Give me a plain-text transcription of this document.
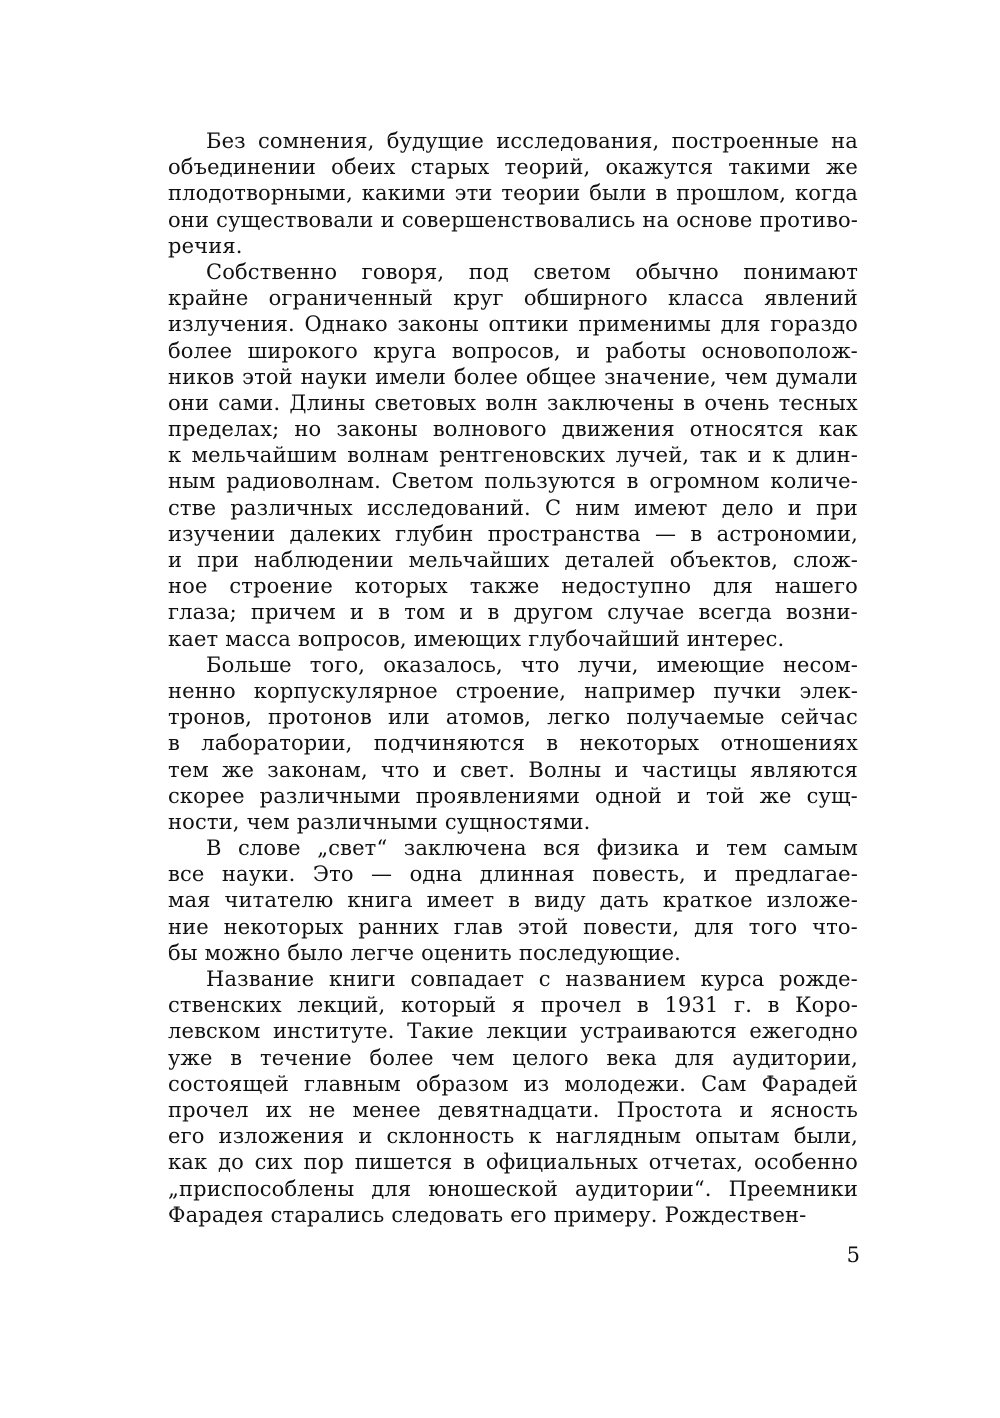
Без сомнения, будущие исследования, построенные на
объединении обеих старых теорий, окажутся такими же
плодотворными, какими эти теории были в прошлом, когда
они существовали и совершенствовались на основе противо-
речия.
Собственно говоря, под светом обычно понимают
крайне ограниченный круг обширного класса явлений
излучения. Однако законы оптики применимы для гораздо
более широкого круга вопросов, и работы основополож-
ников этой науки имели более общее значение, чем думали
они сами. Длины световых волн заключены в очень тесных
пределах; но законы волнового движения относятся как
к мельчайшим волнам рентгеновских лучей, так и к длин-
ным радиоволнам. Светом пользуются в огромном количе-
стве различных исследований. С ним имеют дело и при
изучении далеких глубин пространства — в астрономии,
и при наблюдении мельчайших деталей объектов, слож-
ное строение которых также недоступно для нашего
глаза; причем и в том и в другом случае всегда возни-
кает масса вопросов, имеющих глубочайший интерес.
Больше того, оказалось, что лучи, имеющие несом-
ненно корпускулярное строение, например пучки элек-
тронов, протонов или атомов, легко получаемые сейчас
в лаборатории, подчиняются в некоторых отношениях
тем же законам, что и свет. Волны и частицы являются
скорее различными проявлениями одной и той же сущ-
ности, чем различными сущностями.
В слове „свет“ заключена вся физика и тем самым
все науки. Это — одна длинная повесть, и предлагае-
мая читателю книга имеет в виду дать краткое изложе-
ние некоторых ранних глав этой повести, для того что-
бы можно было легче оценить последующие.
Название книги совпадает с названием курса рожде-
ственских лекций, который я прочел в 1931 г. в Коро-
левском институте. Такие лекции устраиваются ежегодно
уже в течение более чем целого века для аудитории,
состоящей главным образом из молодежи. Сам Фарадей
прочел их не менее девятнадцати. Простота и ясность
его изложения и склонность к наглядным опытам были,
как до сих пор пишется в официальных отчетах, особенно
„приспособлены для юношеской аудитории“. Преемники
Фарадея старались следовать его примеру. Рождествен-
5
